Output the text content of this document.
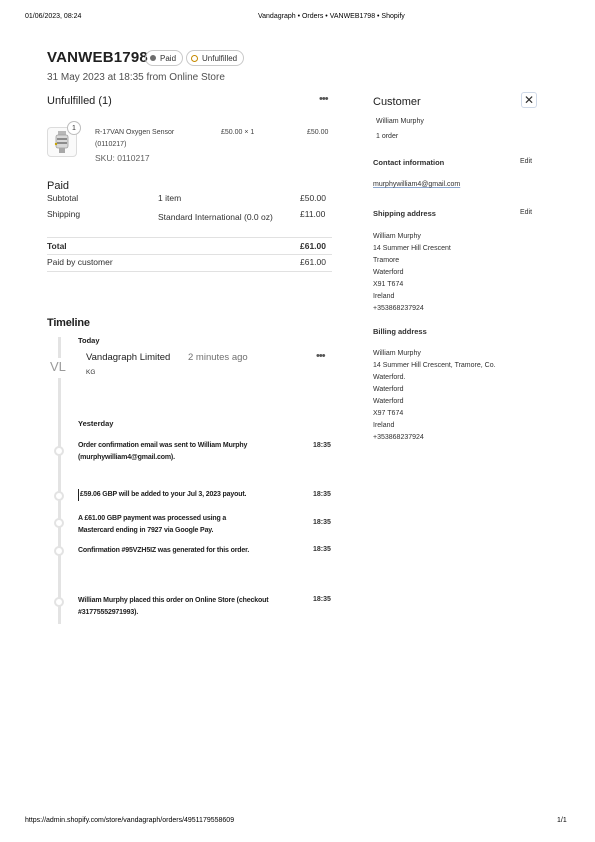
01/06/2023, 08:24	Vandagraph • Orders • VANWEB1798 • Shopify
VANWEB1798 Paid	Unfulfilled
31 May 2023 at 18:35 from Online Store
Unfulfilled (1)	•••
1
R-17VAN Oxygen Sensor
(0110217)
SKU: 0110217
£50.00 × 1	£50.00
Paid
Subtotal	1 item	£50.00
Shipping	Standard International (0.0 oz)	£11.00
Total	£61.00
Paid by customer	£61.00
Customer	✕
William Murphy
1 order
Contact information	Edit
murphywilliam4@gmail.com
Shipping address	Edit
William Murphy
14 Summer Hill Crescent
Tramore
Waterford
X91 T674
Ireland
+353868237924
Billing address
William Murphy
14 Summer Hill Crescent, Tramore, Co.
Waterford.
Waterford
Waterford
X97 T674
Ireland
+353868237924
Timeline
Today
VL
Vandagraph Limited 2 minutes ago
KG
•••
Yesterday
Order confirmation email was sent to William Murphy
(murphywilliam4@gmail.com).
18:35
£59.06 GBP will be added to your Jul 3, 2023 payout.	18:35
A £61.00 GBP payment was processed using a
Mastercard ending in 7927 via Google Pay.
18:35
Confirmation #95VZH5IZ was generated for this order.	18:35
William Murphy placed this order on Online Store (checkout
#31775552971993).
18:35
https://admin.shopify.com/store/vandagraph/orders/4951179558609	1/1
